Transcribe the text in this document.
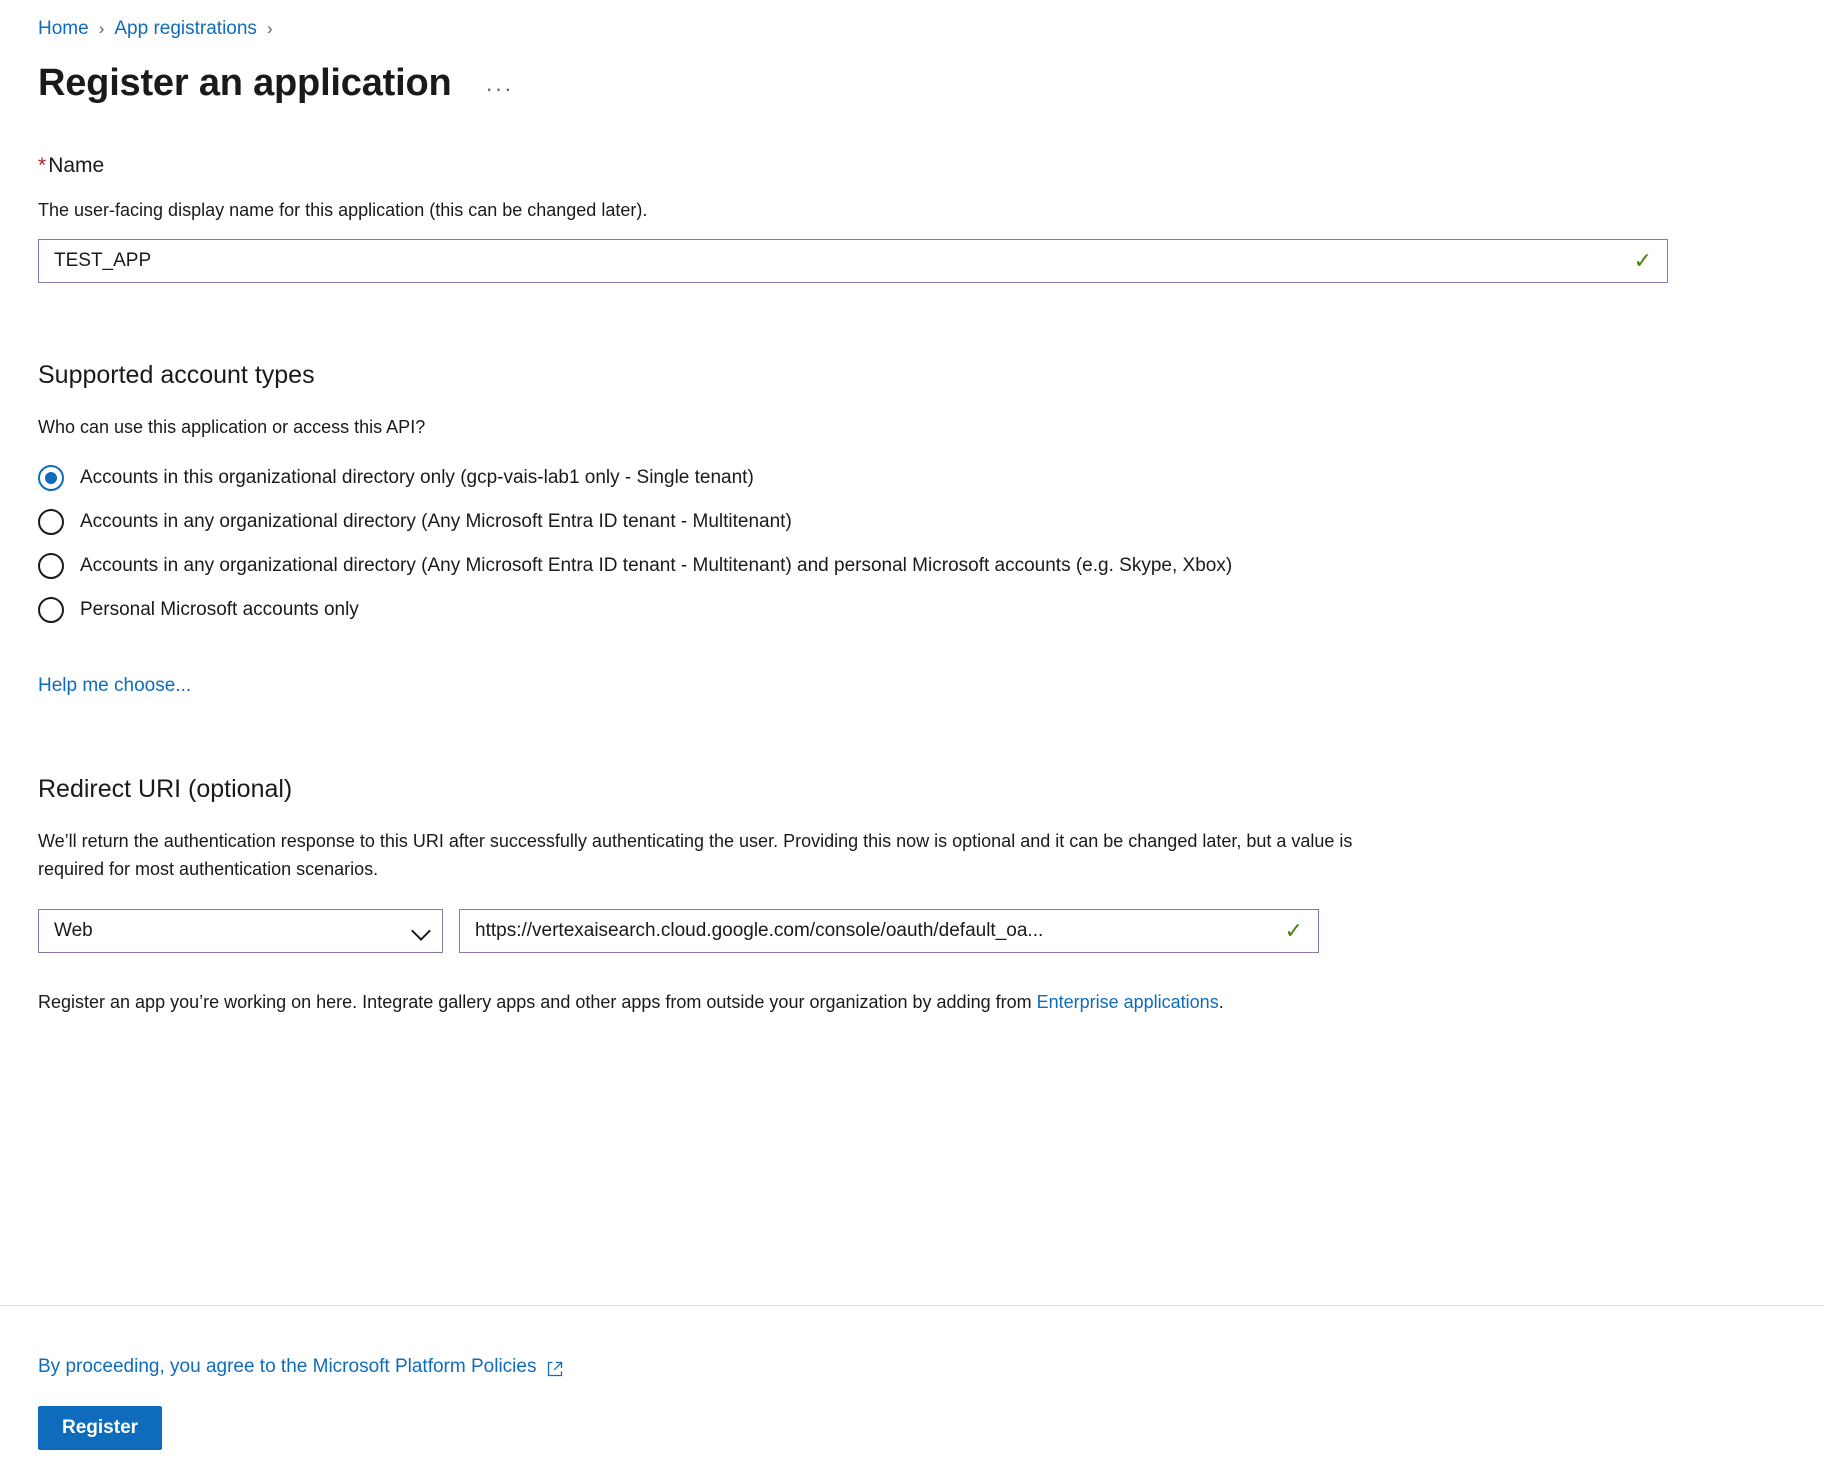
Home › App registrations ›
Register an application	···
*Name
The user-facing display name for this application (this can be changed later).
TEST_APP
✓
Supported account types
Who can use this application or access this API?
Accounts in this organizational directory only (gcp-vais-lab1 only - Single tenant)
Accounts in any organizational directory (Any Microsoft Entra ID tenant - Multitenant)
Accounts in any organizational directory (Any Microsoft Entra ID tenant - Multitenant) and personal Microsoft accounts (e.g. Skype, Xbox)
Personal Microsoft accounts only
Help me choose...
Redirect URI (optional)
We’ll return the authentication response to this URI after successfully authenticating the user. Providing this now is optional and it can be changed later, but a value is required for most authentication scenarios.
Web
https://vertexaisearch.cloud.google.com/console/oauth/default_oa...	✓
Register an app you’re working on here. Integrate gallery apps and other apps from outside your organization by adding from Enterprise applications.
By proceeding, you agree to the Microsoft Platform Policies
Register
